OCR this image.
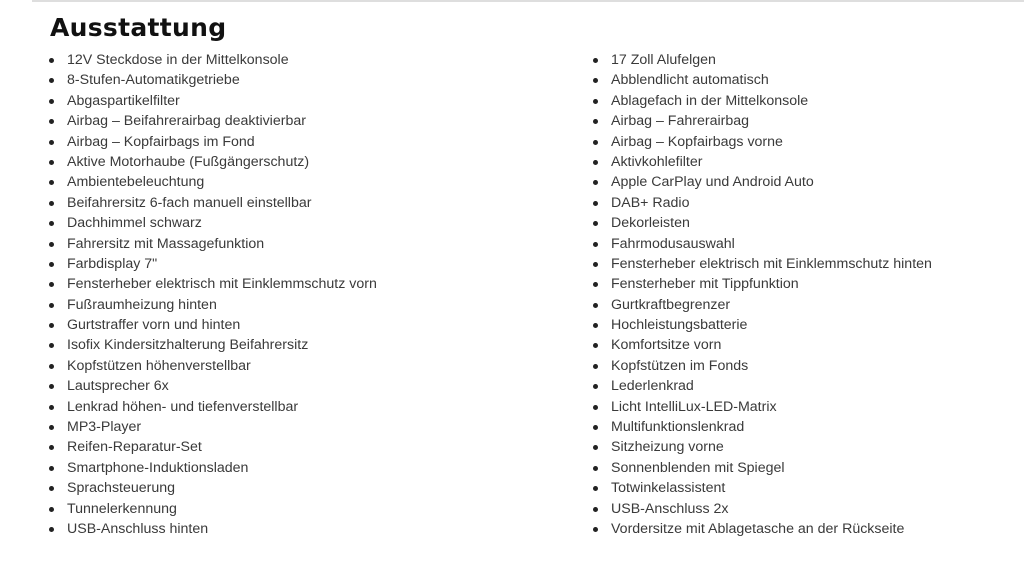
Ausstattung
12V Steckdose in der Mittelkonsole
8-Stufen-Automatikgetriebe
Abgaspartikelfilter
Airbag – Beifahrerairbag deaktivierbar
Airbag – Kopfairbags im Fond
Aktive Motorhaube (Fußgängerschutz)
Ambientebeleuchtung
Beifahrersitz 6-fach manuell einstellbar
Dachhimmel schwarz
Fahrersitz mit Massagefunktion
Farbdisplay 7"
Fensterheber elektrisch mit Einklemmschutz vorn
Fußraumheizung hinten
Gurtstraffer vorn und hinten
Isofix Kindersitzhalterung Beifahrersitz
Kopfstützen höhenverstellbar
Lautsprecher 6x
Lenkrad höhen- und tiefenverstellbar
MP3-Player
Reifen-Reparatur-Set
Smartphone-Induktionsladen
Sprachsteuerung
Tunnelerkennung
USB-Anschluss hinten
17 Zoll Alufelgen
Abblendlicht automatisch
Ablagefach in der Mittelkonsole
Airbag – Fahrerairbag
Airbag – Kopfairbags vorne
Aktivkohlefilter
Apple CarPlay und Android Auto
DAB+ Radio
Dekorleisten
Fahrmodusauswahl
Fensterheber elektrisch mit Einklemmschutz hinten
Fensterheber mit Tippfunktion
Gurtkraftbegrenzer
Hochleistungsbatterie
Komfortsitze vorn
Kopfstützen im Fonds
Lederlenkrad
Licht IntelliLux-LED-Matrix
Multifunktionslenkrad
Sitzheizung vorne
Sonnenblenden mit Spiegel
Totwinkelassistent
USB-Anschluss 2x
Vordersitze mit Ablagetasche an der Rückseite
